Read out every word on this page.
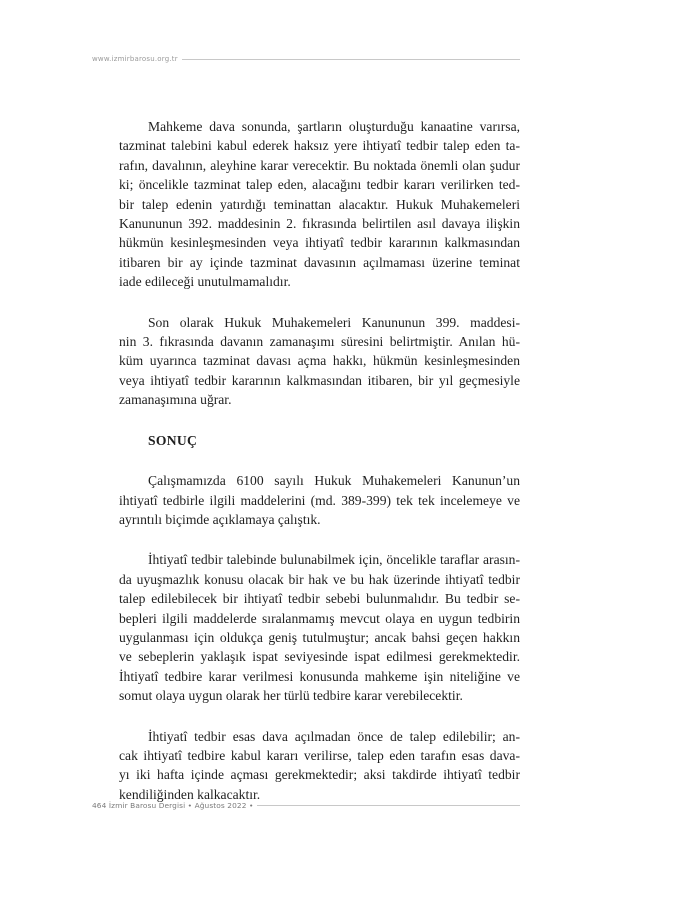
www.izmirbarosu.org.tr
Mahkeme dava sonunda, şartların oluşturduğu kanaatine varırsa,
tazminat talebini kabul ederek haksız yere ihtiyatî tedbir talep eden ta-
rafın, davalının, aleyhine karar verecektir. Bu noktada önemli olan şudur
ki; öncelikle tazminat talep eden, alacağını tedbir kararı verilirken ted-
bir talep edenin yatırdığı teminattan alacaktır. Hukuk Muhakemeleri
Kanununun 392. maddesinin 2. fıkrasında belirtilen asıl davaya ilişkin
hükmün kesinleşmesinden veya ihtiyatî tedbir kararının kalkmasından
itibaren bir ay içinde tazminat davasının açılmaması üzerine teminat
iade edileceği unutulmamalıdır.
Son olarak Hukuk Muhakemeleri Kanununun 399. maddesi-
nin 3. fıkrasında davanın zamanaşımı süresini belirtmiştir. Anılan hü-
küm uyarınca tazminat davası açma hakkı, hükmün kesinleşmesinden
veya ihtiyatî tedbir kararının kalkmasından itibaren, bir yıl geçmesiyle
zamanaşımına uğrar.

SONUÇ

Çalışmamızda 6100 sayılı Hukuk Muhakemeleri Kanunun’un
ihtiyatî tedbirle ilgili maddelerini (md. 389-399) tek tek incelemeye ve
ayrıntılı biçimde açıklamaya çalıştık.
İhtiyatî tedbir talebinde bulunabilmek için, öncelikle taraflar arasın-
da uyuşmazlık konusu olacak bir hak ve bu hak üzerinde ihtiyatî tedbir
talep edilebilecek bir ihtiyatî tedbir sebebi bulunmalıdır. Bu tedbir se-
bepleri ilgili maddelerde sıralanmamış mevcut olaya en uygun tedbirin
uygulanması için oldukça geniş tutulmuştur; ancak bahsi geçen hakkın
ve sebeplerin yaklaşık ispat seviyesinde ispat edilmesi gerekmektedir.
İhtiyatî tedbire karar verilmesi konusunda mahkeme işin niteliğine ve
somut olaya uygun olarak her türlü tedbire karar verebilecektir.
İhtiyatî tedbir esas dava açılmadan önce de talep edilebilir; an-
cak ihtiyatî tedbire kabul kararı verilirse, talep eden tarafın esas dava-
yı iki hafta içinde açması gerekmektedir; aksi takdirde ihtiyatî tedbir
kendiliğinden kalkacaktır.
464 İzmir Barosu Dergisi • Ağustos 2022 •
